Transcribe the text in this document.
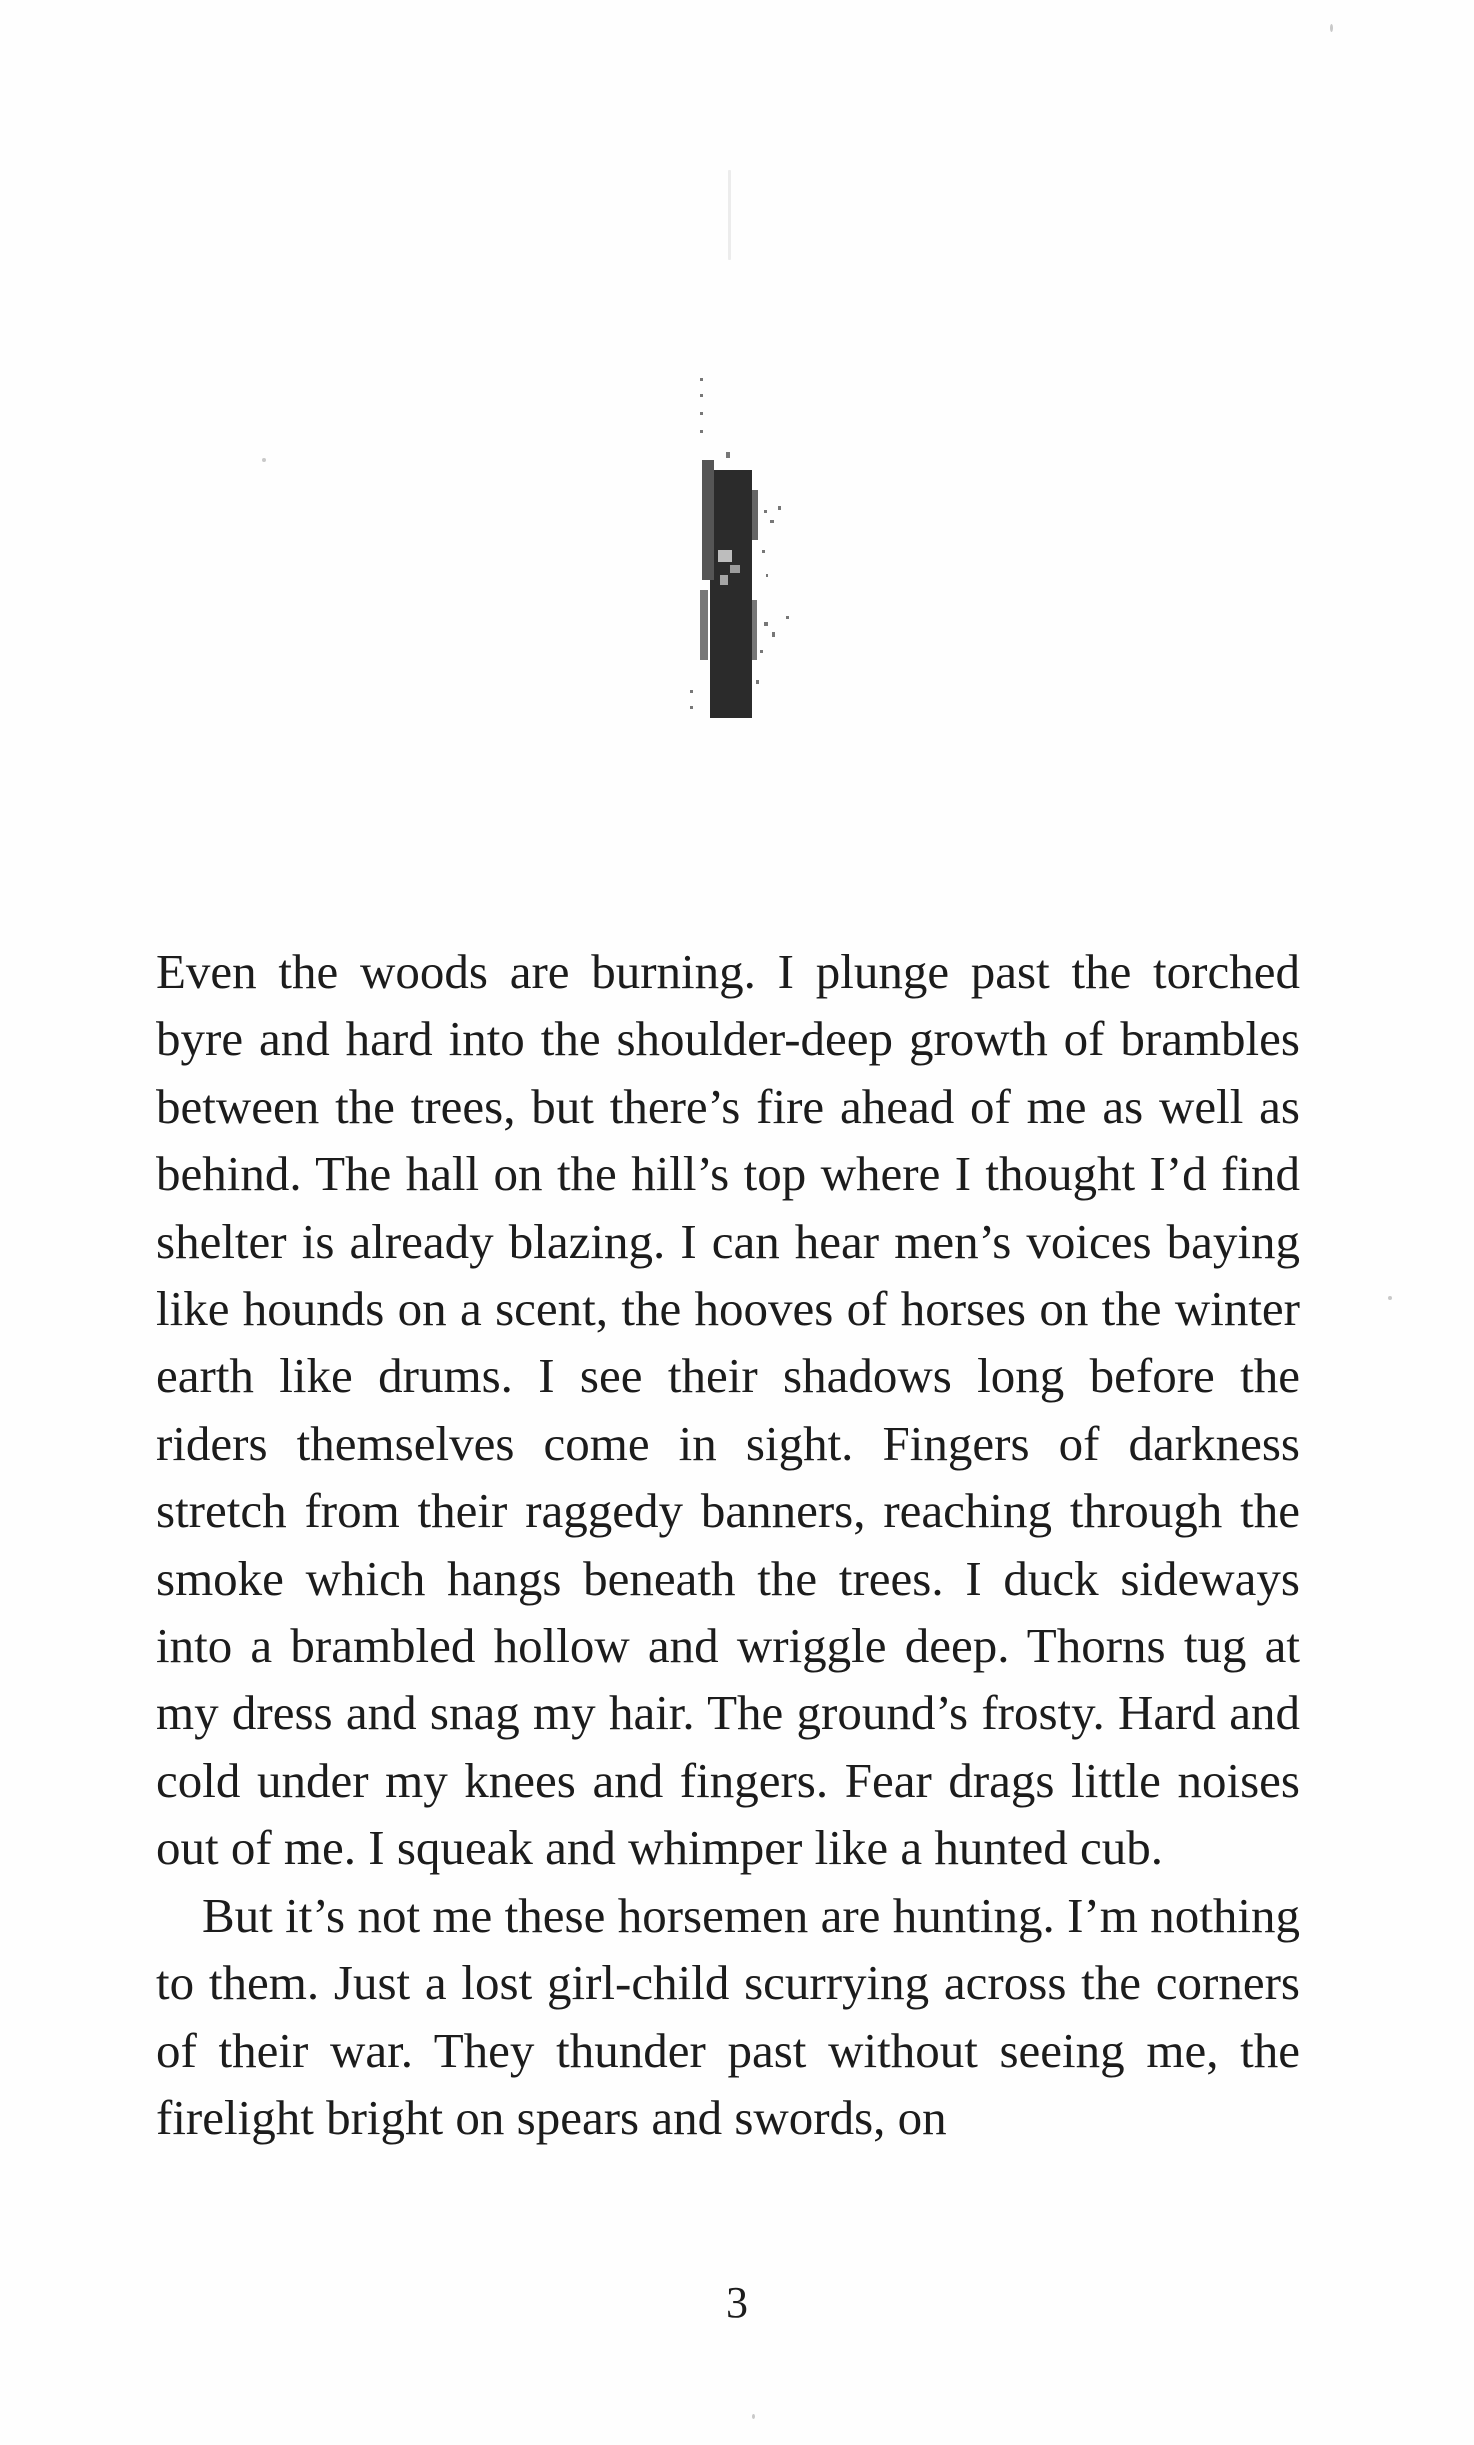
Even the woods are burning. I plunge past the torched byre and hard into the shoulder-deep growth of brambles between the trees, but there’s fire ahead of me as well as behind. The hall on the hill’s top where I thought I’d find shelter is already blazing. I can hear men’s voices baying like hounds on a scent, the hooves of horses on the winter earth like drums. I see their shadows long before the riders themselves come in sight. Fingers of darkness stretch from their raggedy banners, reaching through the smoke which hangs beneath the trees. I duck sideways into a brambled hollow and wriggle deep. Thorns tug at my dress and snag my hair. The ground’s frosty. Hard and cold under my knees and fingers. Fear drags little noises out of me. I squeak and whimper like a hunted cub.

But it’s not me these horsemen are hunting. I’m nothing to them. Just a lost girl-child scurrying across the corners of their war. They thunder past without seeing me, the firelight bright on spears and swords, on

3
